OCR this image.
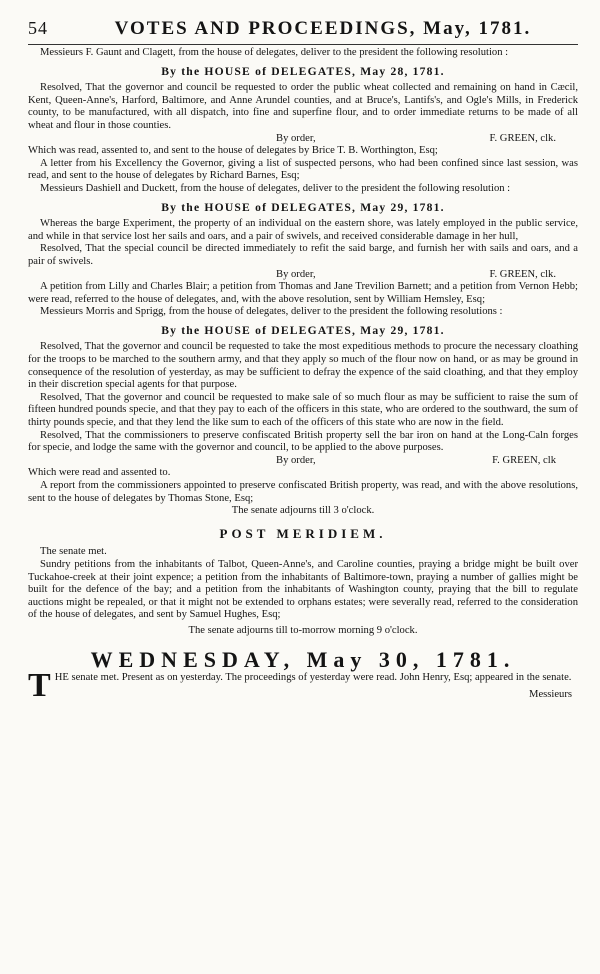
54	VOTES AND PROCEEDINGS, May, 1781.

Messieurs F. Gaunt and Clagett, from the house of delegates, deliver to the president the following resolution :

By the HOUSE of DELEGATES, May 28, 1781.

Resolved, That the governor and council be requested to order the public wheat collected and remaining on hand in Cæcil, Kent, Queen-Anne's, Harford, Baltimore, and Anne Arundel counties, and at Bruce's, Lantifs's, and Ogle's Mills, in Frederick county, to be manufactured, with all dispatch, into fine and superfine flour, and to order immediate returns to be made of all wheat and flour in those counties.

By order,	F. GREEN, clk.

Which was read, assented to, and sent to the house of delegates by Brice T. B. Worthington, Esq;

A letter from his Excellency the Governor, giving a list of suspected persons, who had been confined since last session, was read, and sent to the house of delegates by Richard Barnes, Esq;

Messieurs Dashiell and Duckett, from the house of delegates, deliver to the president the following resolution :

By the HOUSE of DELEGATES, May 29, 1781.

Whereas the barge Experiment, the property of an individual on the eastern shore, was lately employed in the public service, and while in that service lost her sails and oars, and a pair of swivels, and received considerable damage in her hull,

Resolved, That the special council be directed immediately to refit the said barge, and furnish her with sails and oars, and a pair of swivels.

By order,	F. GREEN, clk.

A petition from Lilly and Charles Blair; a petition from Thomas and Jane Trevilion Barnett; and a petition from Vernon Hebb; were read, referred to the house of delegates, and, with the above resolution, sent by William Hemsley, Esq;

Messieurs Morris and Sprigg, from the house of delegates, deliver to the president the following resolutions :

By the HOUSE of DELEGATES, May 29, 1781.

Resolved, That the governor and council be requested to take the most expeditious methods to procure the necessary cloathing for the troops to be marched to the southern army, and that they apply so much of the flour now on hand, or as may be ground in consequence of the resolution of yesterday, as may be sufficient to defray the expence of the said cloathing, and that they employ in their discretion special agents for that purpose.

Resolved, That the governor and council be requested to make sale of so much flour as may be sufficient to raise the sum of fifteen hundred pounds specie, and that they pay to each of the officers in this state, who are ordered to the southward, the sum of thirty pounds specie, and that they lend the like sum to each of the officers of this state who are now in the field.

Resolved, That the commissioners to preserve confiscated British property sell the bar iron on hand at the Long-Caln forges for specie, and lodge the same with the governor and council, to be applied to the above purposes.

By order,	F. GREEN, clk

Which were read and assented to.

A report from the commissioners appointed to preserve confiscated British property, was read, and with the above resolutions, sent to the house of delegates by Thomas Stone, Esq;

The senate adjourns till 3 o'clock.

POST MERIDIEM.

The senate met.

Sundry petitions from the inhabitants of Talbot, Queen-Anne's, and Caroline counties, praying a bridge might be built over Tuckahoe-creek at their joint expence; a petition from the inhabitants of Baltimore-town, praying a number of gallies might be built for the defence of the bay; and a petition from the inhabitants of Washington county, praying that the bill to regulate auctions might be repealed, or that it might not be extended to orphans estates; were severally read, referred to the consideration of the house of delegates, and sent by Samuel Hughes, Esq;

The senate adjourns till to-morrow morning 9 o'clock.

WEDNESDAY, May 30, 1781.

THE senate met. Present as on yesterday. The proceedings of yesterday were read. John Henry, Esq; appeared in the senate.

Messieurs
